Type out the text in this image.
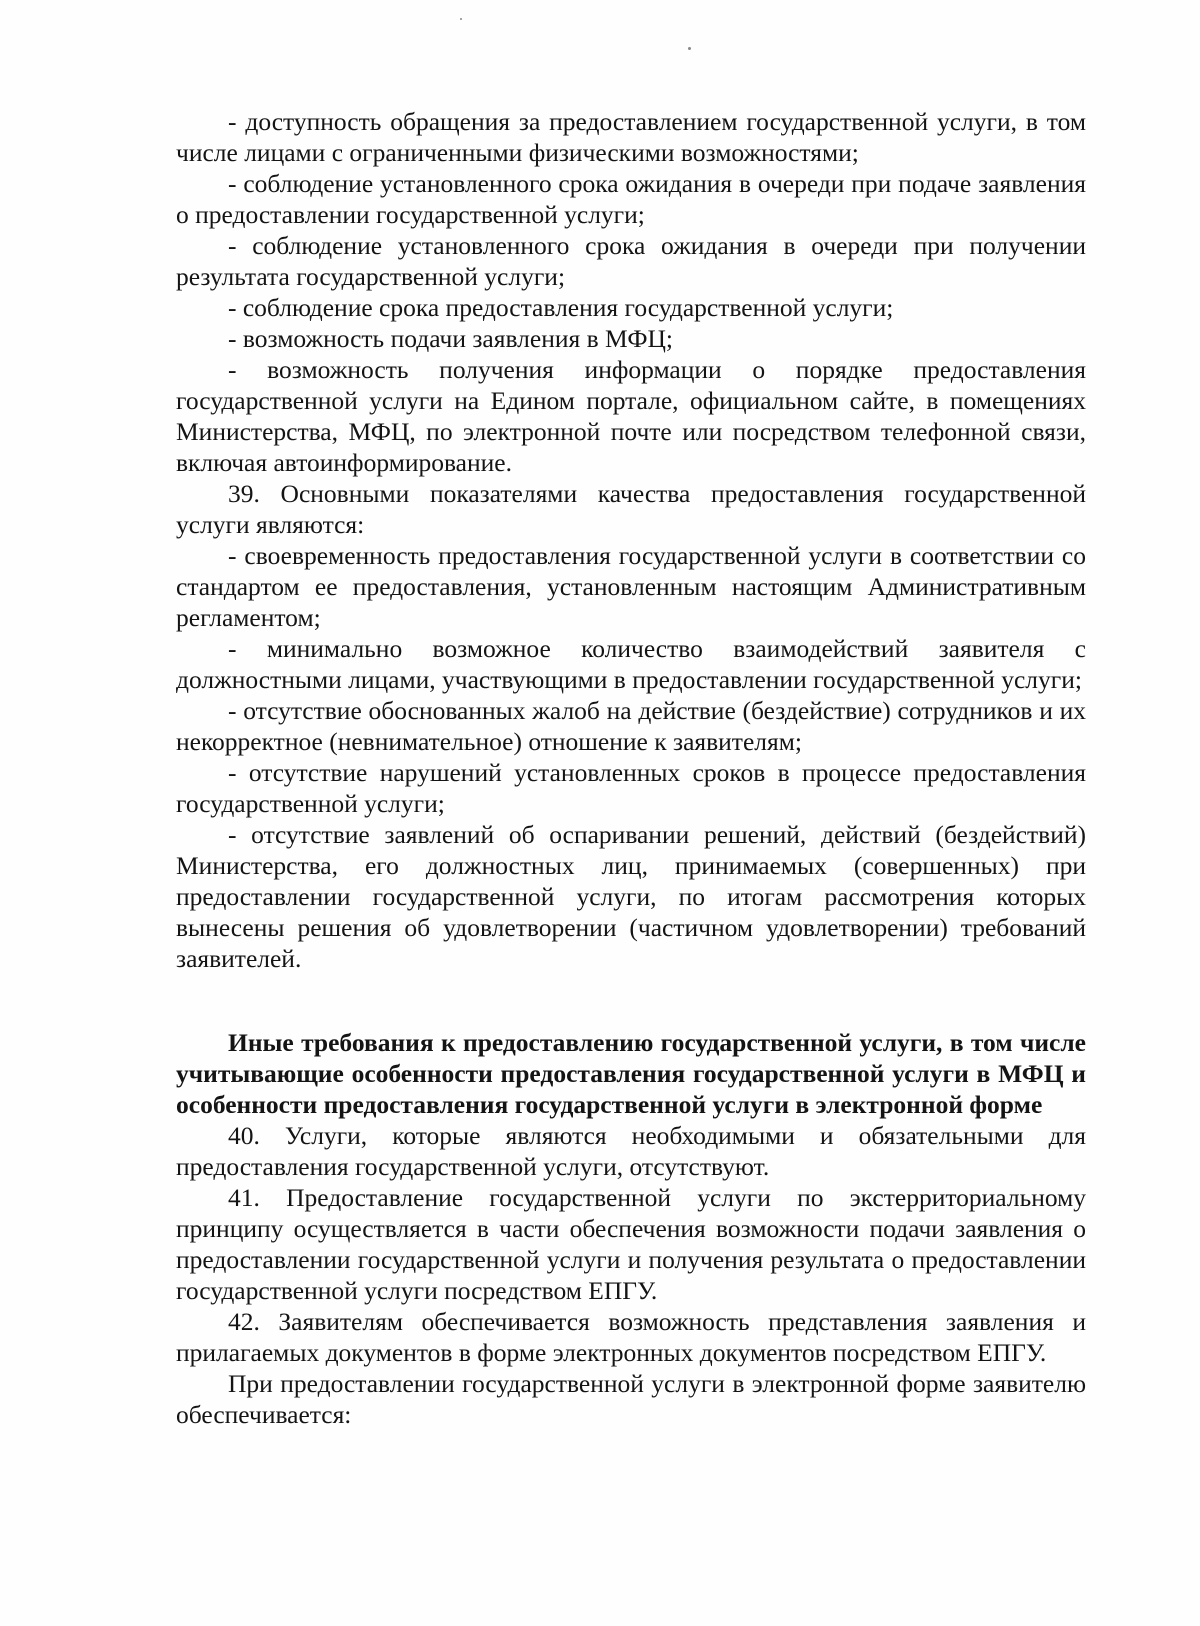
- доступность обращения за предоставлением государственной услуги, в том числе лицами с ограниченными физическими возможностями;

- соблюдение установленного срока ожидания в очереди при подаче заявления о предоставлении государственной услуги;

- соблюдение установленного срока ожидания в очереди при получении результата государственной услуги;

- соблюдение срока предоставления государственной услуги;

- возможность подачи заявления в МФЦ;

- возможность получения информации о порядке предоставления государственной услуги на Едином портале, официальном сайте, в помещениях Министерства, МФЦ, по электронной почте или посредством телефонной связи, включая автоинформирование.

39. Основными показателями качества предоставления государственной услуги являются:

- своевременность предоставления государственной услуги в соответствии со стандартом ее предоставления, установленным настоящим Административным регламентом;

- минимально возможное количество взаимодействий заявителя с должностными лицами, участвующими в предоставлении государственной услуги;

- отсутствие обоснованных жалоб на действие (бездействие) сотрудников и их некорректное (невнимательное) отношение к заявителям;

- отсутствие нарушений установленных сроков в процессе предоставления государственной услуги;

- отсутствие заявлений об оспаривании решений, действий (бездействий) Министерства, его должностных лиц, принимаемых (совершенных) при предоставлении государственной услуги, по итогам рассмотрения которых вынесены решения об удовлетворении (частичном удовлетворении) требований заявителей.

Иные требования к предоставлению государственной услуги, в том числе учитывающие особенности предоставления государственной услуги в МФЦ и особенности предоставления государственной услуги в электронной форме

40. Услуги, которые являются необходимыми и обязательными для предоставления государственной услуги, отсутствуют.

41. Предоставление государственной услуги по экстерриториальному принципу осуществляется в части обеспечения возможности подачи заявления о предоставлении государственной услуги и получения результата о предоставлении государственной услуги посредством ЕПГУ.

42. Заявителям обеспечивается возможность представления заявления и прилагаемых документов в форме электронных документов посредством ЕПГУ.

При предоставлении государственной услуги в электронной форме заявителю обеспечивается:
